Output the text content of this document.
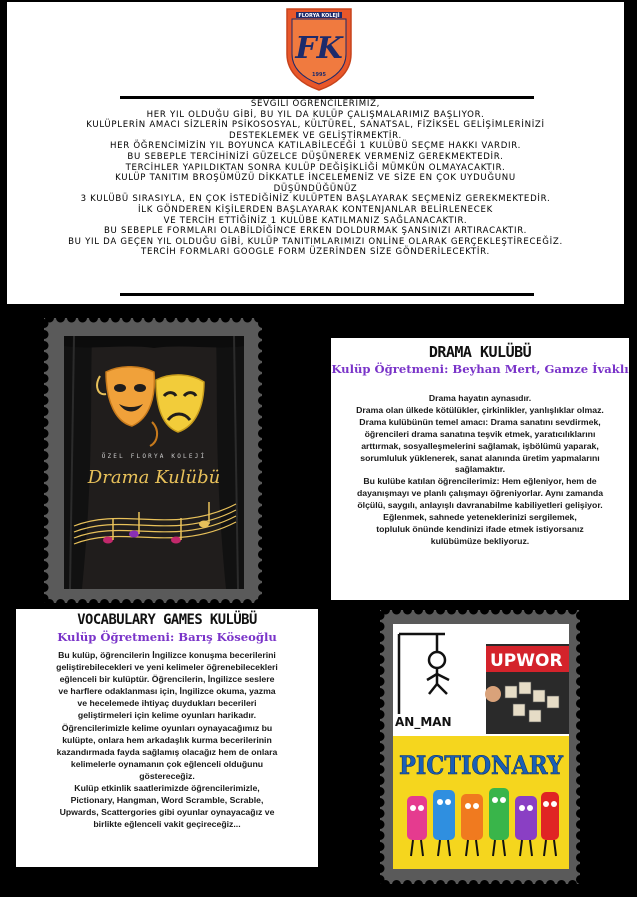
FLORYA KOLEJİ
FK
1995
SEVGİLİ ÖĞRENCİLERİMİZ,
HER YIL OLDUĞU GİBİ, BU YIL DA KULÜP ÇALIŞMALARIMIZ BAŞLIYOR.
KULÜPLERİN AMACI SİZLERİN PSİKOSOSYAL, KÜLTÜREL, SANATSAL, FİZİKSEL GELİŞİMLERİNİZİ
DESTEKLEMEK VE GELİŞTİRMEKTİR.
HER ÖĞRENCİMİZİN YIL BOYUNCA KATILABİLECEĞİ 1 KULÜBÜ SEÇME HAKKI VARDIR.
BU SEBEPLE TERCİHİNİZİ GÜZELCE DÜŞÜNEREK VERMENİZ GEREKMEKTEDİR.
TERCİHLER YAPILDIKTAN SONRA KULÜP DEĞİŞİKLİĞİ MÜMKÜN OLMAYACAKTIR.
KULÜP TANITIM BROŞÜMÜZÜ DİKKATLE İNCELEMENİZ VE SİZE EN ÇOK UYDUĞUNU
DÜŞÜNDÜĞÜNÜZ
3 KULÜBÜ SIRASIYLA, EN ÇOK İSTEDİĞİNİZ KULÜPTEN BAŞLAYARAK SEÇMENİZ GEREKMEKTEDİR.
İLK GÖNDEREN KİŞİLERDEN BAŞLAYARAK KONTENJANLAR BELİRLENECEK
VE TERCİH ETTİĞİNİZ 1 KULÜBE KATILMANIZ SAĞLANACAKTIR.
BU SEBEPLE FORMLARI OLABİLDİĞİNCE ERKEN DOLDURMAK ŞANSINIZI ARTIRACAKTIR.
BU YIL DA GEÇEN YIL OLDUĞU GİBİ, KULÜP TANITIMLARIMIZI ONLİNE OLARAK GERÇEKLEŞTİRECEĞİZ.
TERCİH FORMLARI GOOGLE FORM ÜZERİNDEN SİZE GÖNDERİLECEKTİR.
ÖZEL FLORYA KOLEJİ
Drama Kulübü
DRAMA KULÜBÜ
Kulüp Öğretmeni: Beyhan Mert, Gamze İvaklı
Drama hayatın aynasıdır.
Drama olan ülkede kötülükler, çirkinlikler, yanlışlıklar olmaz.
Drama kulübünün temel amacı: Drama sanatını sevdirmek,
öğrencileri drama sanatına teşvik etmek, yaratıcılıklarını
arttırmak, sosyalleşmelerini sağlamak, işbölümü yaparak,
sorumluluk yüklenerek, sanat alanında üretim yapmalarını
sağlamaktır.
Bu kulübe katılan öğrencilerimiz: Hem eğleniyor, hem de
dayanışmayı ve planlı çalışmayı öğreniyorlar. Aynı zamanda
ölçülü, saygılı, anlayışlı davranabilme kabiliyetleri gelişiyor.
Eğlenmek, sahnede yeteneklerinizi sergilemek,
topluluk önünde kendinizi ifade etmek istiyorsanız
kulübümüze bekliyoruz.
VOCABULARY GAMES KULÜBÜ
Kulüp Öğretmeni: Barış Köseoğlu
Bu kulüp, öğrencilerin İngilizce konuşma becerilerini
geliştirebilecekleri ve yeni kelimeler öğrenebilecekleri
eğlenceli bir kulüptür. Öğrencilerin, İngilizce seslere
ve harflere odaklanması için, İngilizce okuma, yazma
ve hecelemede ihtiyaç duydukları becerileri
geliştirmeleri için kelime oyunları harikadır.
Öğrencilerimizle kelime oyunları oynayacağımız bu
kulüpte, onlara hem arkadaşlık kurma becerilerinin
kazandırmada fayda sağlamış olacağız hem de onlara
kelimelerle oynamanın çok eğlenceli olduğunu
göstereceğiz.
Kulüp etkinlik saatlerimizde öğrencilerimizle,
Pictionary, Hangman, Word Scramble, Scrable,
Upwards, Scattergories gibi oyunlar oynayacağız ve
birlikte eğlenceli vakit geçireceğiz...
AN_MAN
UPWOR
PICTIONARY
